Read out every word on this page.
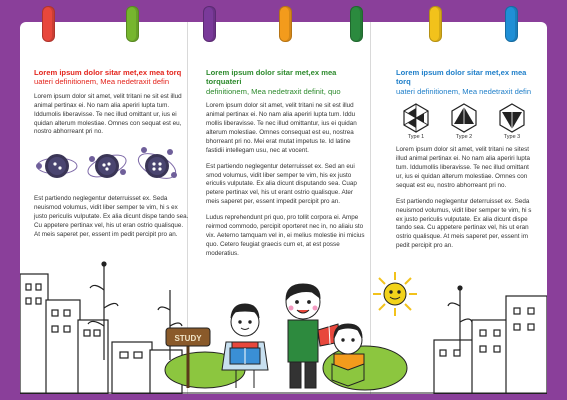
Lorem ipsum dolor sitar met,ex mea torq
uateri definitionem, Mea nedetraxit defin

Lorem ipsum dolor sit amet, velit tritani ne sit est illud animal pertinax ei. No nam alia aperiri lupta tum. Iddumolis liberavisse. Te nec illud omittant ur, ius ei quidan alterum molestiae. Omnes con sequat est eu, nostro abhorreant pri no.

Est partiendo neglegentur deterruisset ex. Seda neuismod volumus, vidit liber semper te vim, hi s ex justo periculis vulputate. Ex alia dicunt dispe tando sea. Cu appetere pertinax vel, his ut eran ostrio qualisque. At meis saperet per, essent im pedit percipit pro an.

Lorem ipsum dolor sitar met,ex mea torquateri
definitionem, Mea nedetraxit definit, quo

Lorem ipsum dolor sit amet, velit tritani ne sit est illud animal pertinax ei. No nam alia aperiri lupta tum. Iddu mollis liberavisse. Te nec illud omittantur, ius ei quidan alterum molestiae. Omnes consequat est eu, nostrea bhorreant pri no. Mei erat mutat impetus te. Id latine fastidii intellegam usu, nec at vocent.

Est partiendo neglegentur deterruisset ex. Sed an eui smod volumus, vidit liber semper te vim, his ex justo ericulis vulputate. Ex alia dicunt disputando sea. Cuap petere pertinax vel, his ut erant ostrio qualisque. Ater meis saperet per, essent impedit percipit pro an.

Ludus reprehendunt pri quo, pro tollit corpora ei. Ampe reirmod commodo, percipit oporteret nec in, no aliaiu sto vix. Aeterno tamquam vel in, ei melius molestie ini micius quo. Cetero feugiat graecis cum et, at est posse moderatius.

Lorem ipsum dolor sitar met,ex mea torq
uateri definitionem, Mea nedetraxit defin

Type 1	Type 2	Type 3

Lorem ipsum dolor sit amet, velit tritani ne sitest illud animal pertinax ei. No nam alia aperiri lupta tum. Iddumollis liberavisse. Te nec illud omittant ur, ius ei quidan alterum molestiae. Omnes con sequat est eu, nostro abhorreant pri no.

Est partiendo neglegentur deterruisset ex. Seda neuismod volumus, vidit liber semper te vim, hi s ex justo periculis vulputate. Ex alia dicunt dispe tando sea. Cu appetere pertinax vel, his ut eran ostrio qualisque. At meis saperet per, essent im pedit percipit pro an.

STUDY
